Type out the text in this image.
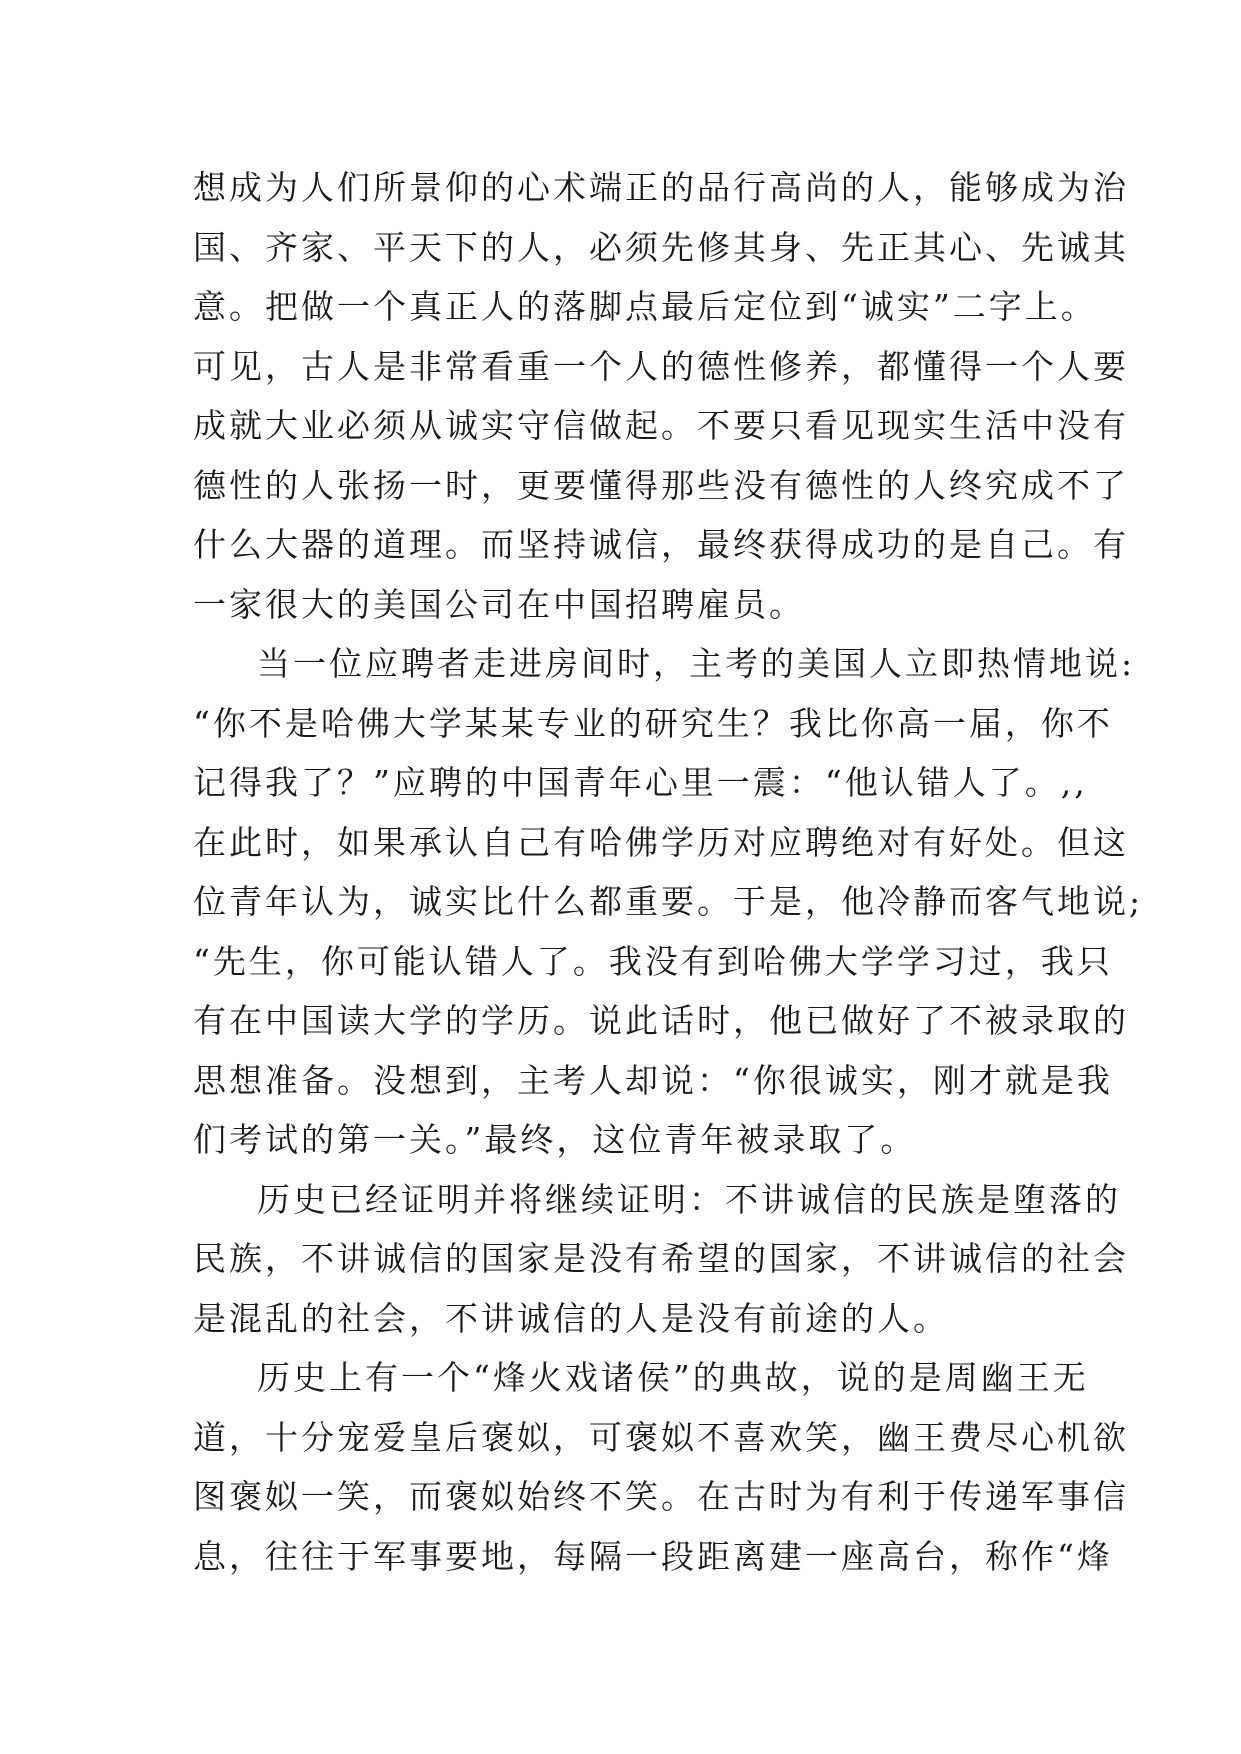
想成为人们所景仰的心术端正的品行高尚的人，能够成为治
国、齐家、平天下的人，必须先修其身、先正其心、先诚其
意。把做一个真正人的落脚点最后定位到“诚实”二字上。
可见，古人是非常看重一个人的德性修养，都懂得一个人要
成就大业必须从诚实守信做起。不要只看见现实生活中没有
德性的人张扬一时，更要懂得那些没有德性的人终究成不了
什么大器的道理。而坚持诚信，最终获得成功的是自己。有
一家很大的美国公司在中国招聘雇员。
当一位应聘者走进房间时，主考的美国人立即热情地说:
“你不是哈佛大学某某专业的研究生？我比你高一届，你不
记得我了？”应聘的中国青年心里一震：“他认错人了。,,
在此时，如果承认自己有哈佛学历对应聘绝对有好处。但这
位青年认为，诚实比什么都重要。于是，他冷静而客气地说;
“先生，你可能认错人了。我没有到哈佛大学学习过，我只
有在中国读大学的学历。说此话时，他已做好了不被录取的
思想准备。没想到，主考人却说：“你很诚实，刚才就是我
们考试的第一关。”最终，这位青年被录取了。
历史已经证明并将继续证明：不讲诚信的民族是堕落的
民族，不讲诚信的国家是没有希望的国家，不讲诚信的社会
是混乱的社会，不讲诚信的人是没有前途的人。
历史上有一个“烽火戏诸侯”的典故，说的是周幽王无
道，十分宠爱皇后褒姒，可褒姒不喜欢笑，幽王费尽心机欲
图褒姒一笑，而褒姒始终不笑。在古时为有利于传递军事信
息，往往于军事要地，每隔一段距离建一座高台，称作“烽
